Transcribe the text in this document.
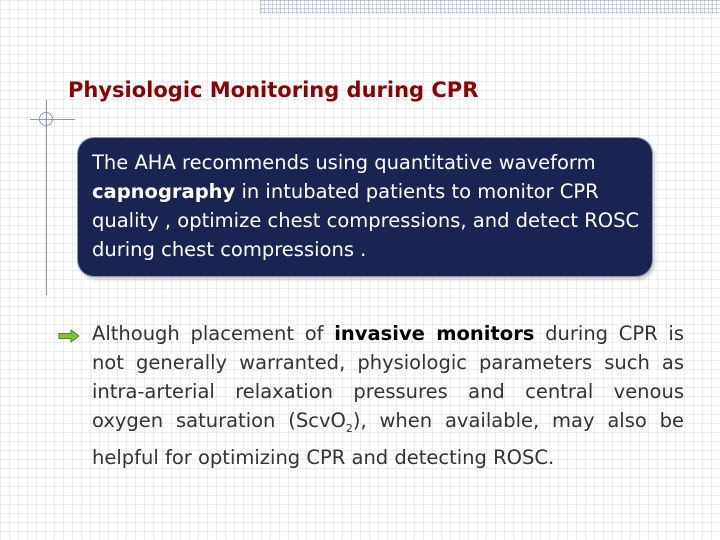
Physiologic Monitoring during CPR
The AHA recommends using quantitative waveform capnography in intubated patients to monitor CPR quality , optimize chest compressions, and detect ROSC during chest compressions .
Although placement of invasive monitors during CPR is not generally warranted, physiologic parameters such as intra-arterial relaxation pressures and central venous oxygen saturation (ScvO$_2$), when available, may also be helpful for optimizing CPR and detecting ROSC.
